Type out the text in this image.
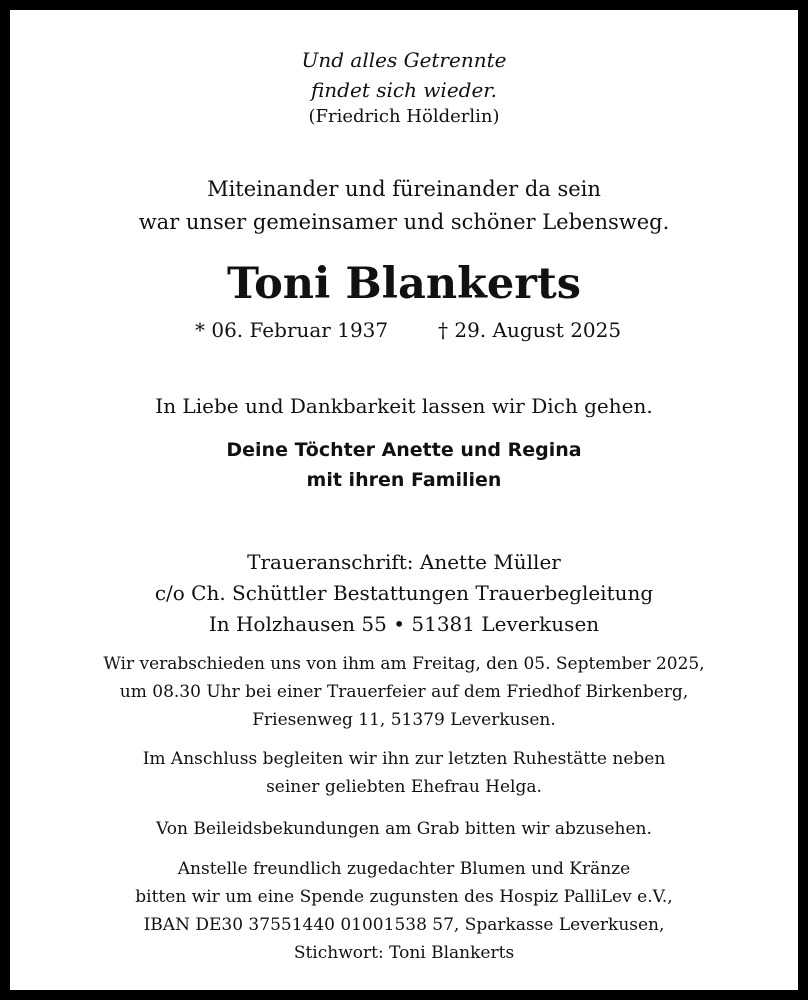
Und alles Getrennte
findet sich wieder.
(Friedrich Hölderlin)
Miteinander und füreinander da sein
war unser gemeinsamer und schöner Lebensweg.
Toni Blankerts
* 06. Februar 1937 † 29. August 2025
In Liebe und Dankbarkeit lassen wir Dich gehen.
Deine Töchter Anette und Regina
mit ihren Familien
Traueranschrift: Anette Müller
c/o Ch. Schüttler Bestattungen Trauerbegleitung
In Holzhausen 55 • 51381 Leverkusen
Wir verabschieden uns von ihm am Freitag, den 05. September 2025,
um 08.30 Uhr bei einer Trauerfeier auf dem Friedhof Birkenberg,
Friesenweg 11, 51379 Leverkusen.
Im Anschluss begleiten wir ihn zur letzten Ruhestätte neben
seiner geliebten Ehefrau Helga.
Von Beileidsbekundungen am Grab bitten wir abzusehen.
Anstelle freundlich zugedachter Blumen und Kränze
bitten wir um eine Spende zugunsten des Hospiz PalliLev e.V.,
IBAN DE30 37551440 01001538 57, Sparkasse Leverkusen,
Stichwort: Toni Blankerts
